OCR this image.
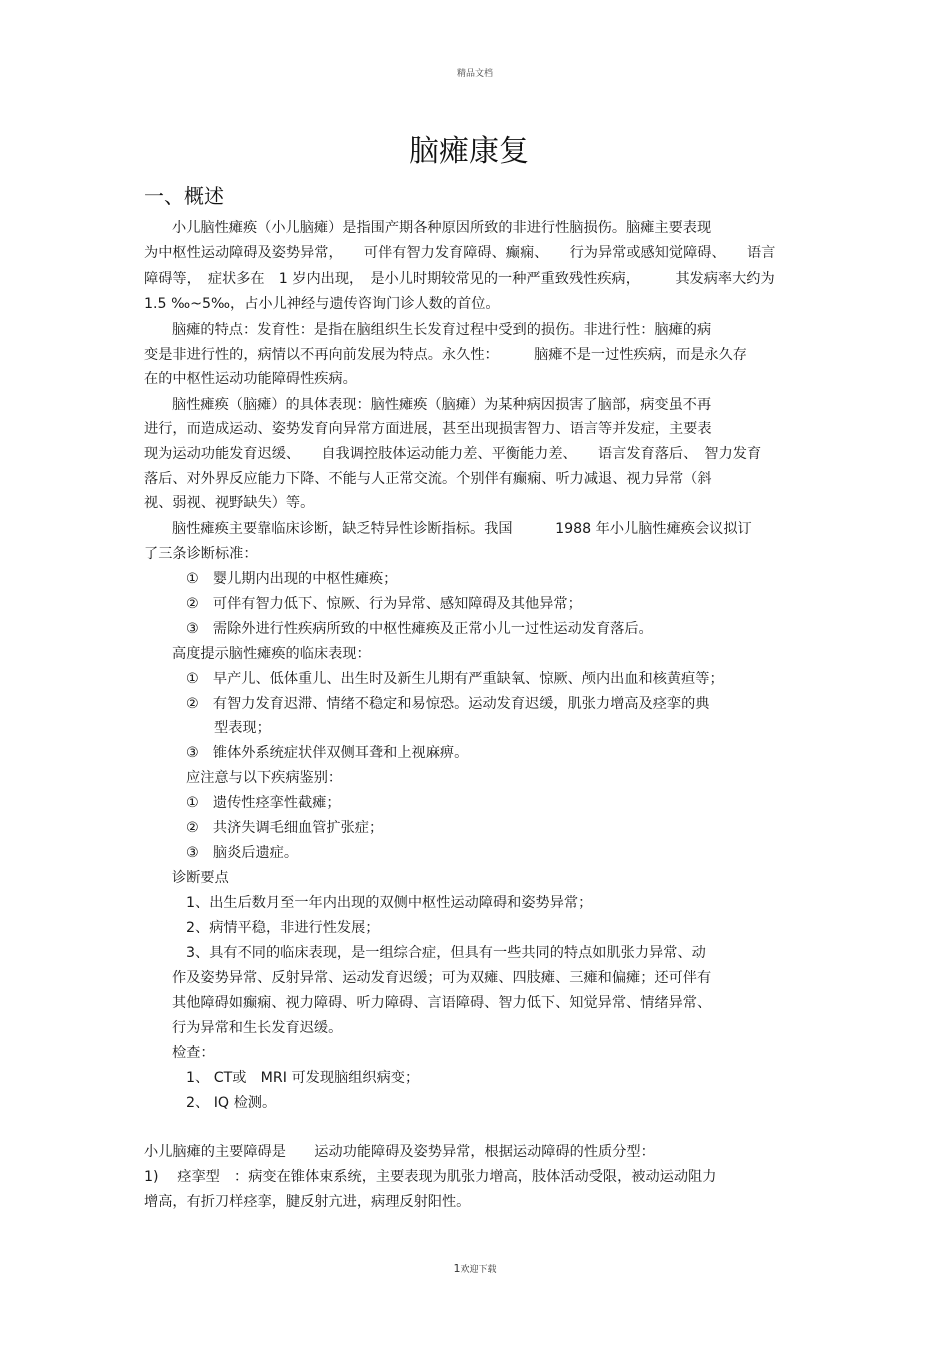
精品文档
脑瘫康复
一、概述
小儿脑性瘫痪（小儿脑瘫）是指围产期各种原因所致的非进行性脑损伤。脑瘫主要表现
为中枢性运动障碍及姿势异常，　　可伴有智力发育障碍、癫痫、　　行为异常或感知觉障碍、　　语言
障碍等，　症状多在　1 岁内出现，　是小儿时期较常见的一种严重致残性疾病，　　　其发病率大约为
1.5 ‰~5‰，占小儿神经与遗传咨询门诊人数的首位。
脑瘫的特点：发育性：是指在脑组织生长发育过程中受到的损伤。非进行性：脑瘫的病
变是非进行性的，病情以不再向前发展为特点。永久性：　　　脑瘫不是一过性疾病，而是永久存
在的中枢性运动功能障碍性疾病。
脑性瘫痪（脑瘫）的具体表现：脑性瘫痪（脑瘫）为某种病因损害了脑部，病变虽不再
进行，而造成运动、姿势发育向异常方面进展，甚至出现损害智力、语言等并发症，主要表
现为运动功能发育迟缓、　　自我调控肢体运动能力差、平衡能力差、　　语言发育落后、　智力发育
落后、对外界反应能力下降、不能与人正常交流。个别伴有癫痫、听力减退、视力异常（斜
视、弱视、视野缺失）等。
脑性瘫痪主要靠临床诊断，缺乏特异性诊断指标。我国　　　1988 年小儿脑性瘫痪会议拟订
了三条诊断标准：
①　婴儿期内出现的中枢性瘫痪；
②　可伴有智力低下、惊厥、行为异常、感知障碍及其他异常；
③　需除外进行性疾病所致的中枢性瘫痪及正常小儿一过性运动发育落后。
高度提示脑性瘫痪的临床表现：
①　早产儿、低体重儿、出生时及新生儿期有严重缺氧、惊厥、颅内出血和核黄疸等；
②　有智力发育迟滞、情绪不稳定和易惊恐。运动发育迟缓，肌张力增高及痉挛的典
型表现；
③　锥体外系统症状伴双侧耳聋和上视麻痹。
应注意与以下疾病鉴别：
①　遗传性痉挛性截瘫；
②　共济失调毛细血管扩张症；
③　脑炎后遗症。
诊断要点
1、出生后数月至一年内出现的双侧中枢性运动障碍和姿势异常；
2、病情平稳，非进行性发展；
3、具有不同的临床表现，是一组综合症，但具有一些共同的特点如肌张力异常、动
作及姿势异常、反射异常、运动发育迟缓；可为双瘫、四肢瘫、三瘫和偏瘫；还可伴有
其他障碍如癫痫、视力障碍、听力障碍、言语障碍、智力低下、知觉异常、情绪异常、
行为异常和生长发育迟缓。
检查：
1、 CT或　MRI 可发现脑组织病变；
2、 IQ 检测。
小儿脑瘫的主要障碍是　　运动功能障碍及姿势异常，根据运动障碍的性质分型：
1)　 痉挛型　：病变在锥体束系统，主要表现为肌张力增高，肢体活动受限，被动运动阻力
增高，有折刀样痉挛，腱反射亢进，病理反射阳性。
1欢迎下载
